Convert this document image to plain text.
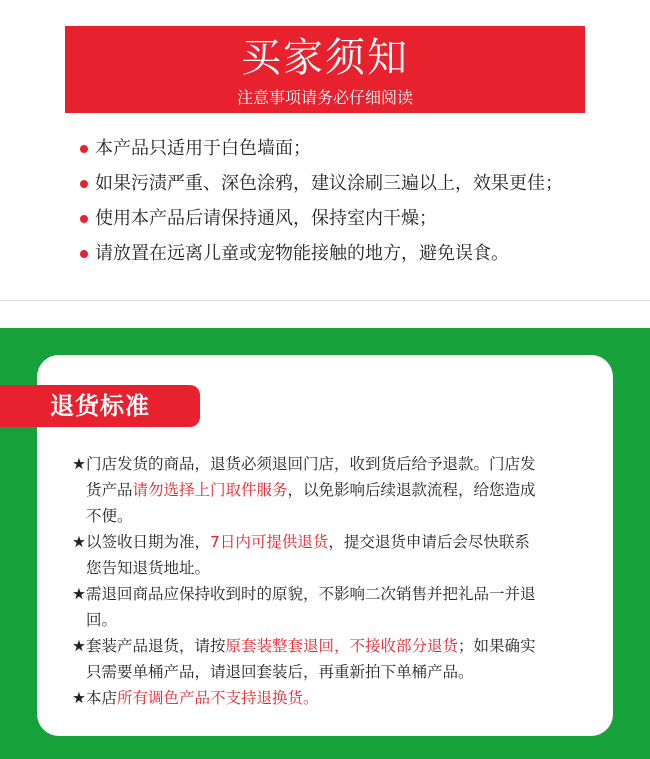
买家须知
注意事项请务必仔细阅读
本产品只适用于白色墙面；
如果污渍严重、深色涂鸦，建议涂刷三遍以上，效果更佳；
使用本产品后请保持通风，保持室内干燥；
请放置在远离儿童或宠物能接触的地方，避免误食。
退货标准
★ 门店发货的商品，退货必须退回门店，收到货后给予退款。门店发
货产品请勿选择上门取件服务，以免影响后续退款流程，给您造成
不便。
★ 以签收日期为准，7日内可提供退货，提交退货申请后会尽快联系
您告知退货地址。
★ 需退回商品应保持收到时的原貌，不影响二次销售并把礼品一并退
回。
★ 套装产品退货，请按原套装整套退回，不接收部分退货；如果确实
只需要单桶产品，请退回套装后，再重新拍下单桶产品。
★ 本店所有调色产品不支持退换货。
